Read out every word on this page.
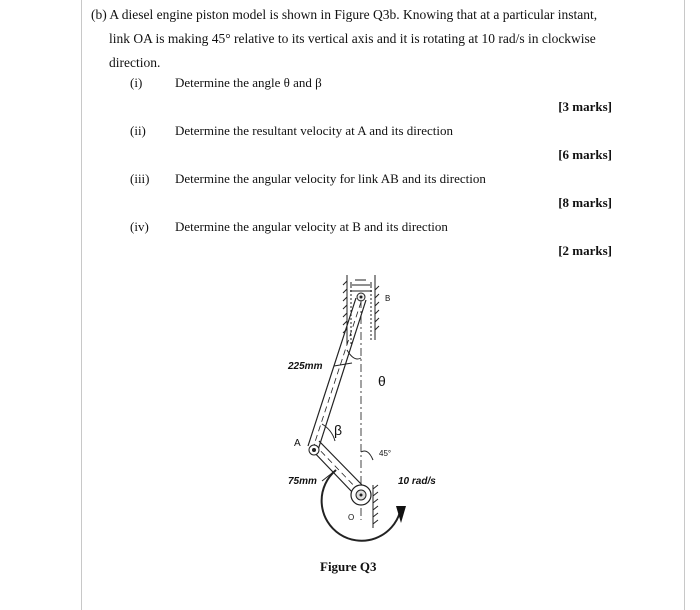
(b) A diesel engine piston model is shown in Figure Q3b. Knowing that at a particular instant,
link OA is making 45° relative to its vertical axis and it is rotating at 10 rad/s in clockwise
direction.
(i)	Determine the angle θ and β
[3 marks]
(ii) Determine the resultant velocity at A and its direction
[6 marks]
(iii) Determine the angular velocity for link AB and its direction
[8 marks]
(iv) Determine the angular velocity at B and its direction
[2 marks]
B
A
O
θ
β
45°
225mm
75mm	10 rad/s
Figure Q3
